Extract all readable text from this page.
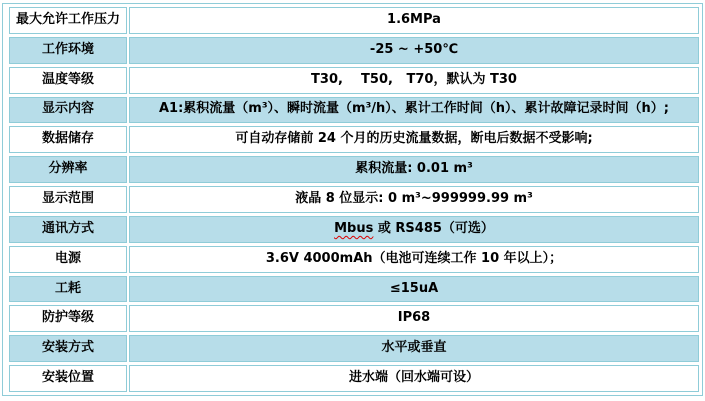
最大允许工作压力	1.6MPa
工作环境	-25 ~ +50℃
温度等级	T30,    T50,   T70，默认为 T30
显示内容	A1:累积流量（m³）、瞬时流量（m³/h）、累计工作时间（h）、累计故障记录时间（h）;
数据储存	可自动存储前 24 个月的历史流量数据，断电后数据不受影响;
分辨率	累积流量: 0.01 m³
显示范围	液晶 8 位显示: 0 m³~999999.99 m³
通讯方式	Mbus 或 RS485（可选）
电源	3.6V 4000mAh（电池可连续工作 10 年以上）；
工耗	≤15uA
防护等级	IP68
安装方式	水平或垂直
安装位置	进水端（回水端可设）
